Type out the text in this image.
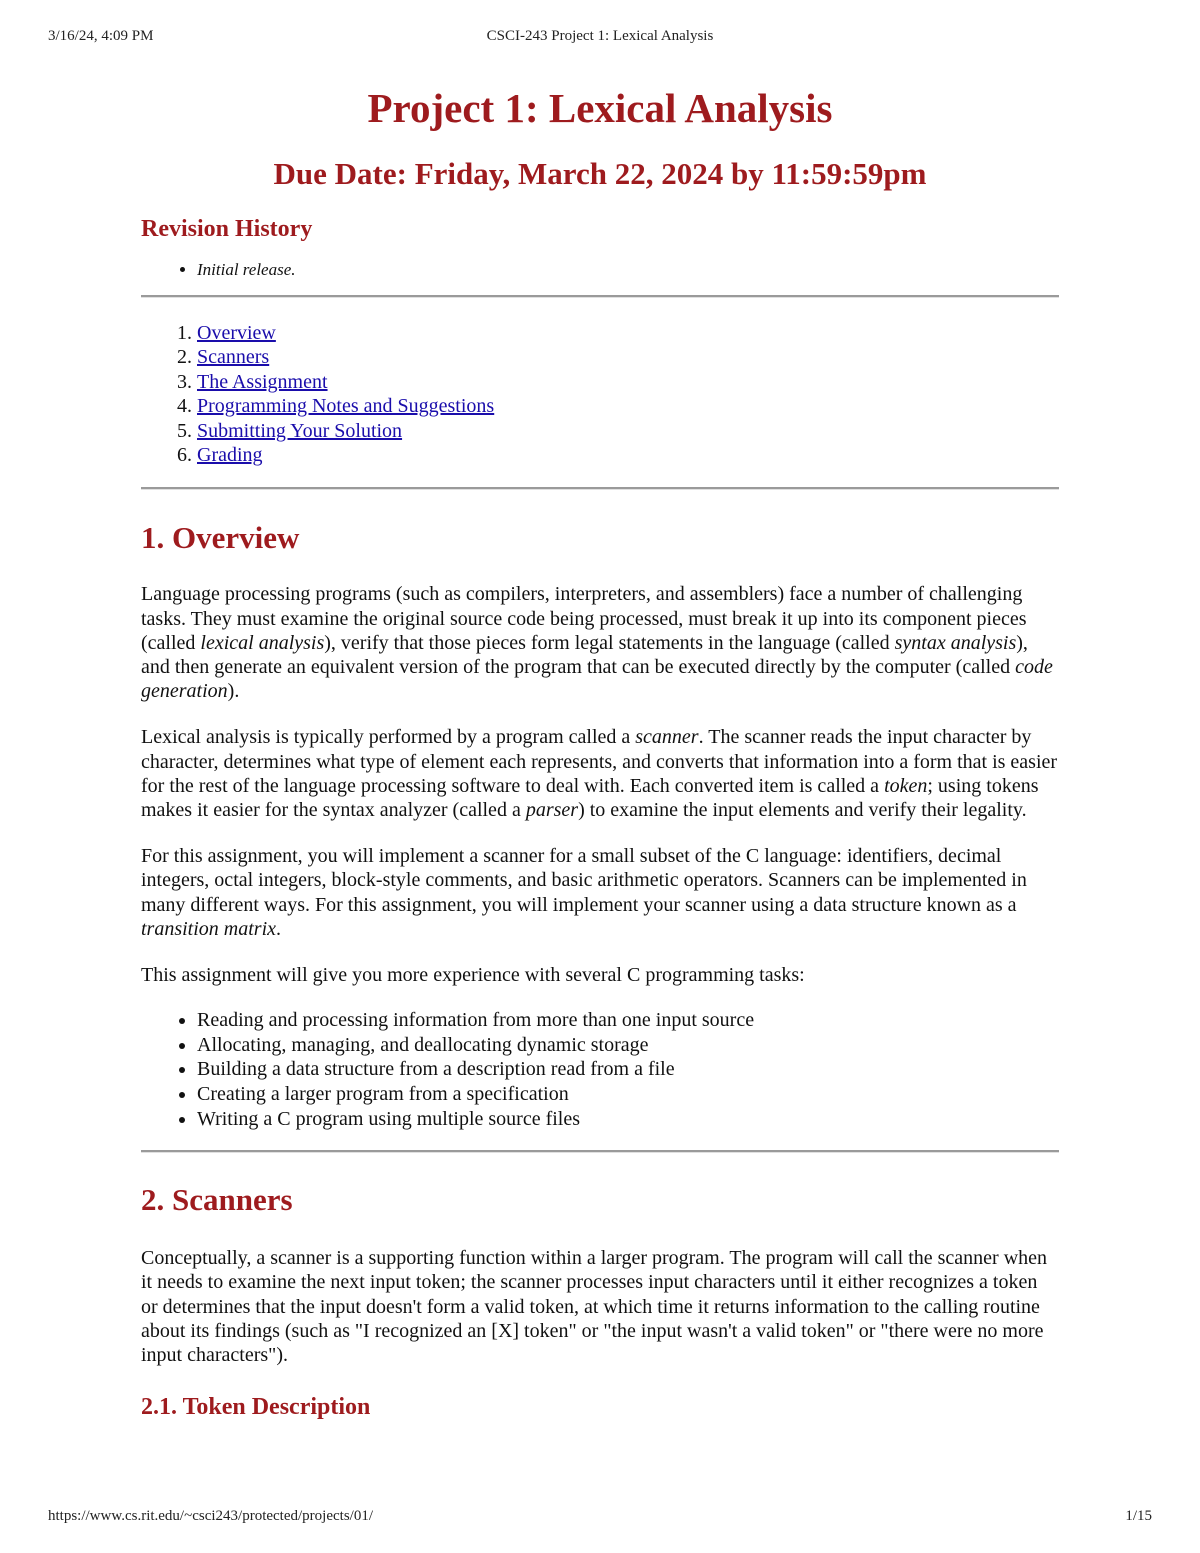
3/16/24, 4:09 PM	CSCI-243 Project 1: Lexical Analysis
Project 1: Lexical Analysis
Due Date: Friday, March 22, 2024 by 11:59:59pm
Revision History
• Initial release.
1. Overview
2. Scanners
3. The Assignment
4. Programming Notes and Suggestions
5. Submitting Your Solution
6. Grading
1. Overview

Language processing programs (such as compilers, interpreters, and assemblers) face a number of challenging tasks. They must examine the original source code being processed, must break it up into its component pieces (called lexical analysis), verify that those pieces form legal statements in the language (called syntax analysis), and then generate an equivalent version of the program that can be executed directly by the computer (called code generation).

Lexical analysis is typically performed by a program called a scanner. The scanner reads the input character by character, determines what type of element each represents, and converts that information into a form that is easier for the rest of the language processing software to deal with. Each converted item is called a token; using tokens makes it easier for the syntax analyzer (called a parser) to examine the input elements and verify their legality.

For this assignment, you will implement a scanner for a small subset of the C language: identifiers, decimal integers, octal integers, block-style comments, and basic arithmetic operators. Scanners can be implemented in many different ways. For this assignment, you will implement your scanner using a data structure known as a transition matrix.

This assignment will give you more experience with several C programming tasks:

• Reading and processing information from more than one input source
• Allocating, managing, and deallocating dynamic storage
• Building a data structure from a description read from a file
• Creating a larger program from a specification
• Writing a C program using multiple source files
2. Scanners

Conceptually, a scanner is a supporting function within a larger program. The program will call the scanner when it needs to examine the next input token; the scanner processes input characters until it either recognizes a token or determines that the input doesn't form a valid token, at which time it returns information to the calling routine about its findings (such as "I recognized an [X] token" or "the input wasn't a valid token" or "there were no more input characters").

2.1. Token Description
https://www.cs.rit.edu/~csci243/protected/projects/01/	1/15
